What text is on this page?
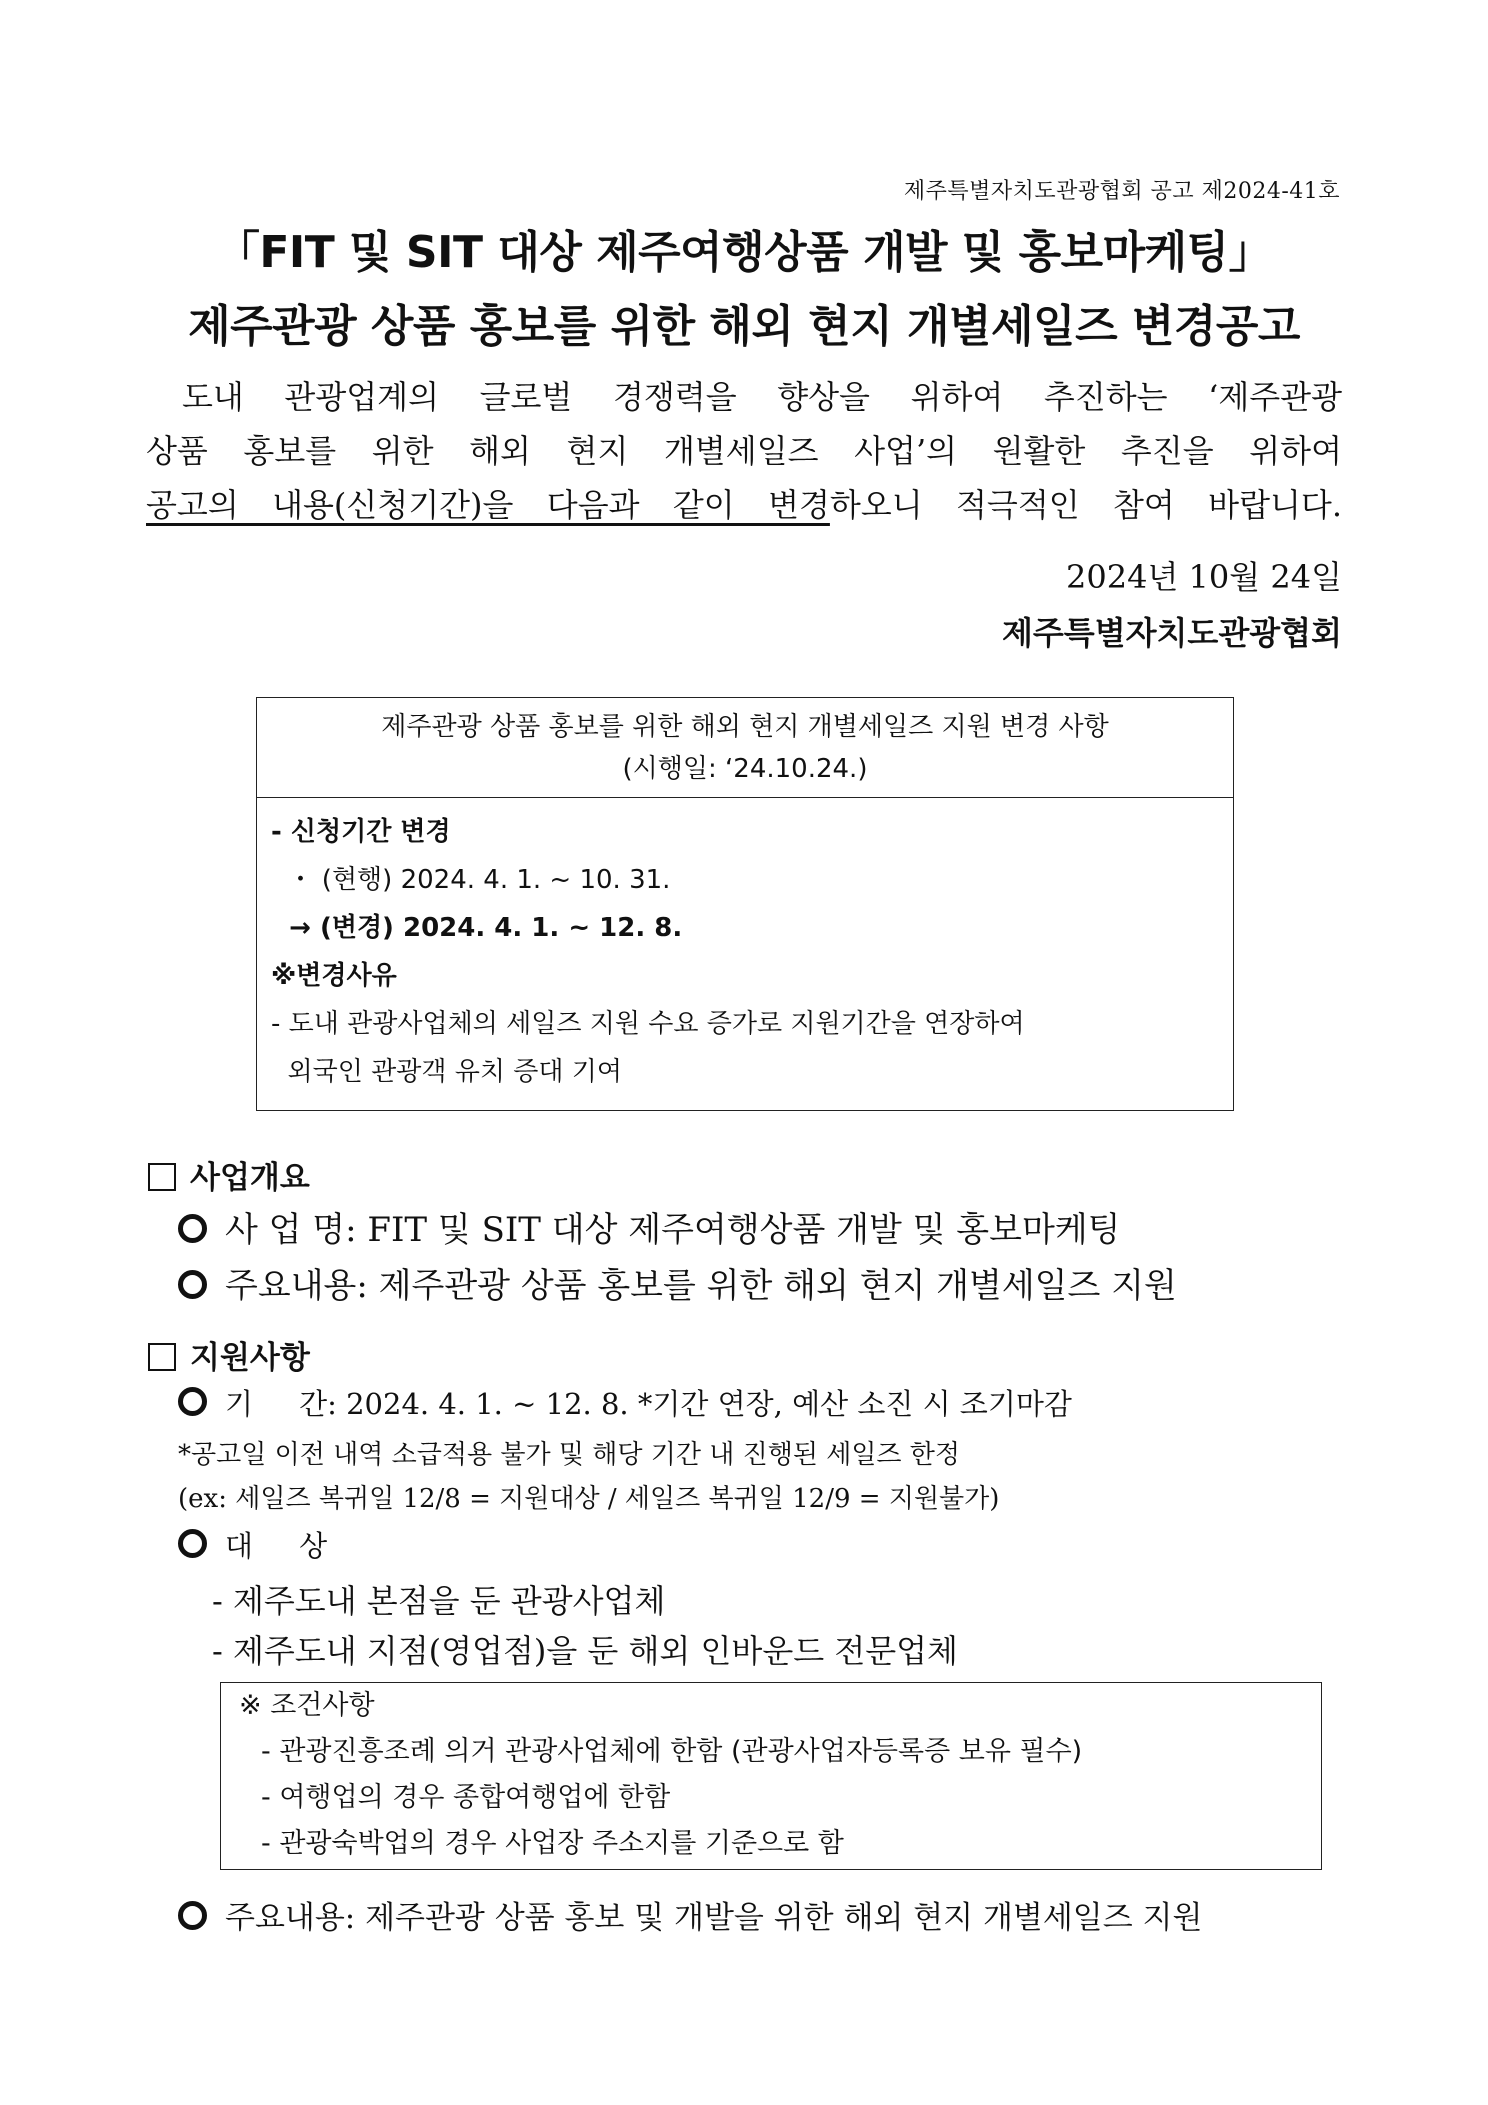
제주특별자치도관광협회 공고 제2024-41호
「FIT 및 SIT 대상 제주여행상품 개발 및 홍보마케팅」
제주관광 상품 홍보를 위한 해외 현지 개별세일즈 변경공고
도내 관광업계의 글로벌 경쟁력을 향상을 위하여 추진하는 ‘제주관광
상품 홍보를 위한 해외 현지 개별세일즈 사업’의 원활한 추진을 위하여
공고의 내용(신청기간)을 다음과 같이 변경하오니 적극적인 참여 바랍니다.
2024년 10월 24일
제주특별자치도관광협회
제주관광 상품 홍보를 위한 해외 현지 개별세일즈 지원 변경 사항
(시행일: ‘24.10.24.)
- 신청기간 변경
・ (현행) 2024. 4. 1. ~ 10. 31.
→ (변경) 2024. 4. 1. ~ 12. 8.
※변경사유
- 도내 관광사업체의 세일즈 지원 수요 증가로 지원기간을 연장하여
외국인 관광객 유치 증대 기여
사업개요
사 업 명: FIT 및 SIT 대상 제주여행상품 개발 및 홍보마케팅
주요내용: 제주관광 상품 홍보를 위한 해외 현지 개별세일즈 지원
지원사항
기     간: 2024. 4. 1. ~ 12. 8. *기간 연장, 예산 소진 시 조기마감
*공고일 이전 내역 소급적용 불가 및 해당 기간 내 진행된 세일즈 한정
(ex: 세일즈 복귀일 12/8 = 지원대상 / 세일즈 복귀일 12/9 = 지원불가)
대     상
- 제주도내 본점을 둔 관광사업체
- 제주도내 지점(영업점)을 둔 해외 인바운드 전문업체
※ 조건사항
- 관광진흥조례 의거 관광사업체에 한함 (관광사업자등록증 보유 필수)
- 여행업의 경우 종합여행업에 한함
- 관광숙박업의 경우 사업장 주소지를 기준으로 함
주요내용: 제주관광 상품 홍보 및 개발을 위한 해외 현지 개별세일즈 지원
